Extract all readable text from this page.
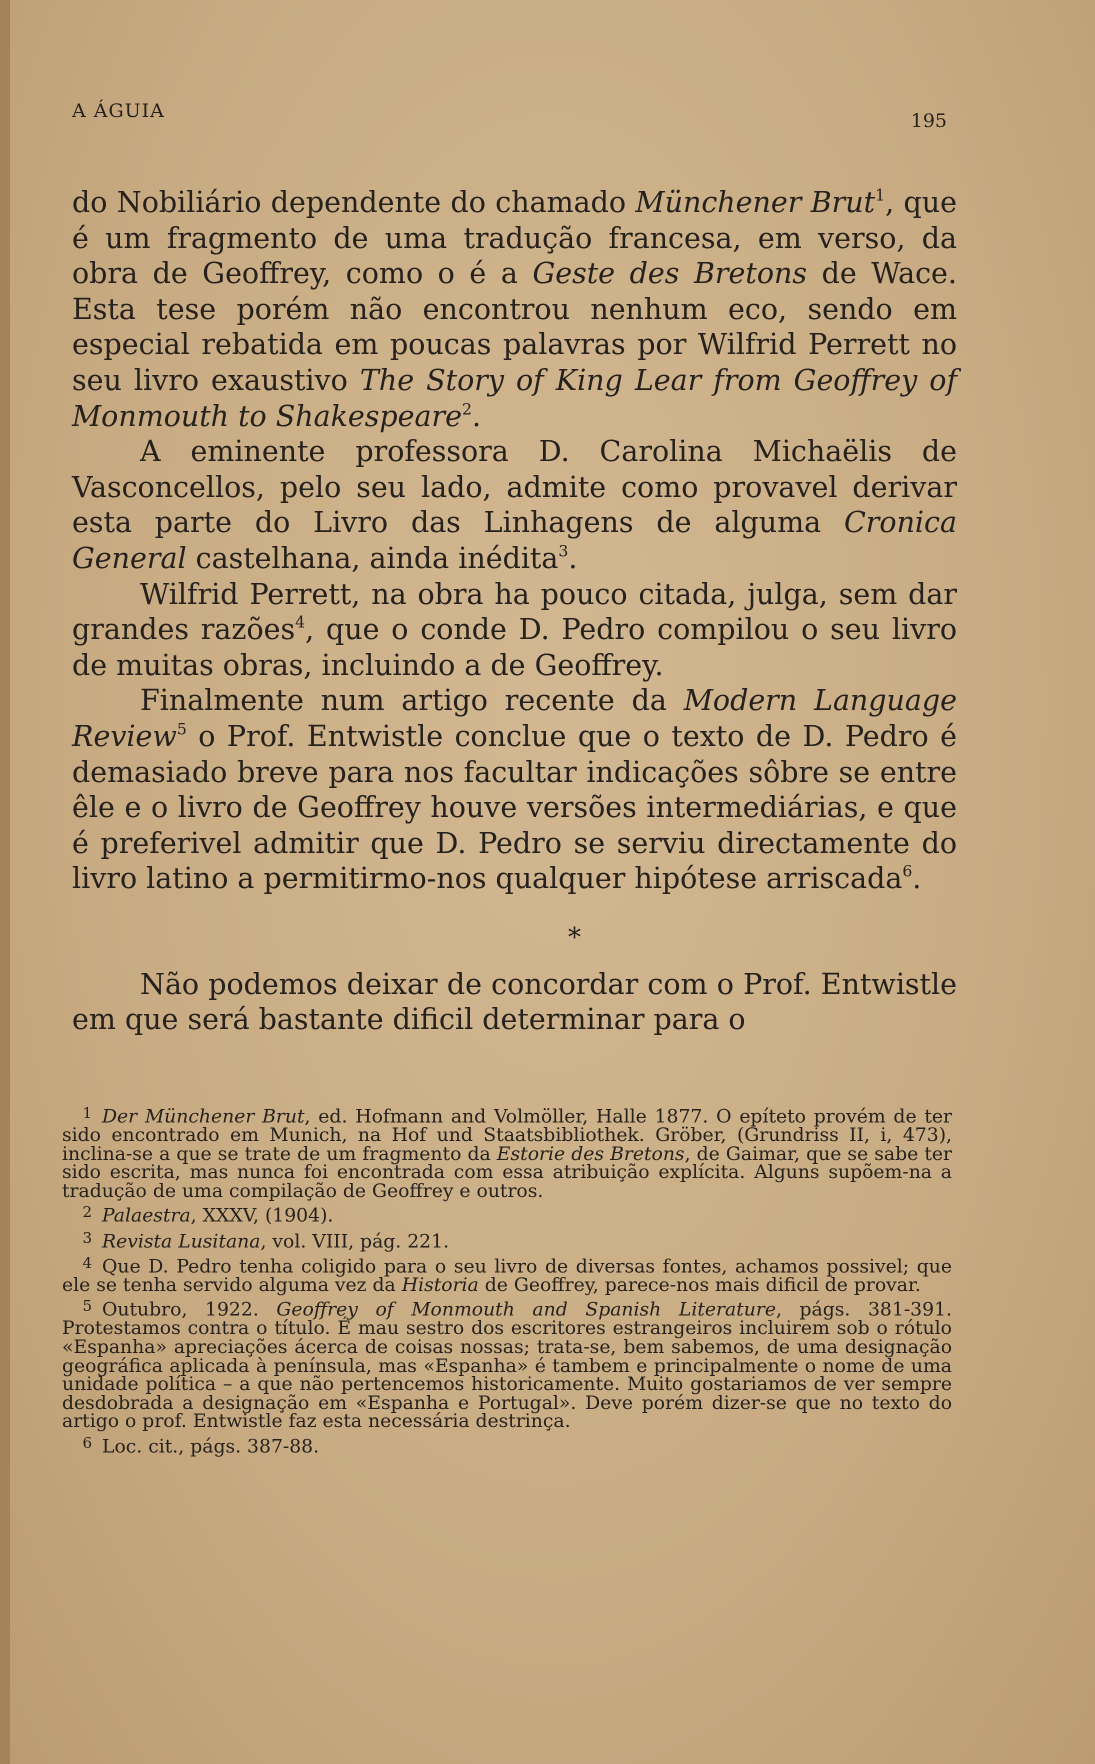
A ÁGUIA	195

do Nobiliário dependente do chamado Münchener Brut$^1$, que é um fragmento de uma tradução francesa, em verso, da obra de Geoffrey, como o é a Geste des Bretons de Wace. Esta tese porém não encontrou nenhum eco, sendo em especial rebatida em poucas palavras por Wilfrid Perrett no seu livro exaustivo The Story of King Lear from Geoffrey of Monmouth to Shakespeare$^2$.

A eminente professora D. Carolina Michaëlis de Vasconcellos, pelo seu lado, admite como provavel derivar esta parte do Livro das Linhagens de alguma Cronica General castelhana, ainda inédita$^3$.

Wilfrid Perrett, na obra ha pouco citada, julga, sem dar grandes razões$^4$, que o conde D. Pedro compilou o seu livro de muitas obras, incluindo a de Geoffrey.

Finalmente num artigo recente da Modern Language Review$^5$ o Prof. Entwistle conclue que o texto de D. Pedro é demasiado breve para nos facultar indicações sôbre se entre êle e o livro de Geoffrey houve versões intermediárias, e que é preferivel admitir que D. Pedro se serviu directamente do livro latino a permitirmo-nos qualquer hipótese arriscada$^6$.

*

Não podemos deixar de concordar com o Prof. Entwistle em que será bastante dificil determinar para o

1 Der Münchener Brut, ed. Hofmann and Volmöller, Halle 1877. O epíteto provém de ter sido encontrado em Munich, na Hof und Staatsbibliothek. Gröber, (Grundriss II, i, 473), inclina-se a que se trate de um fragmento da Estorie des Bretons, de Gaimar, que se sabe ter sido escrita, mas nunca foi encontrada com essa atribuição explícita. Alguns supõem-na a tradução de uma compilação de Geoffrey e outros.

2 Palaestra, XXXV, (1904).

3 Revista Lusitana, vol. VIII, pág. 221.

4 Que D. Pedro tenha coligido para o seu livro de diversas fontes, achamos possivel; que ele se tenha servido alguma vez da Historia de Geoffrey, parece-nos mais dificil de provar.

5 Outubro, 1922. Geoffrey of Monmouth and Spanish Literature, págs. 381-391. Protestamos contra o título. É mau sestro dos escritores estrangeiros incluirem sob o rótulo «Espanha» apreciações ácerca de coisas nossas; trata-se, bem sabemos, de uma designação geográfica aplicada à península, mas «Espanha» é tambem e principalmente o nome de uma unidade política – a que não pertencemos historicamente. Muito gostariamos de ver sempre desdobrada a designação em «Espanha e Portugal». Deve porém dizer-se que no texto do artigo o prof. Entwistle faz esta necessária destrinça.

6 Loc. cit., págs. 387-88.
